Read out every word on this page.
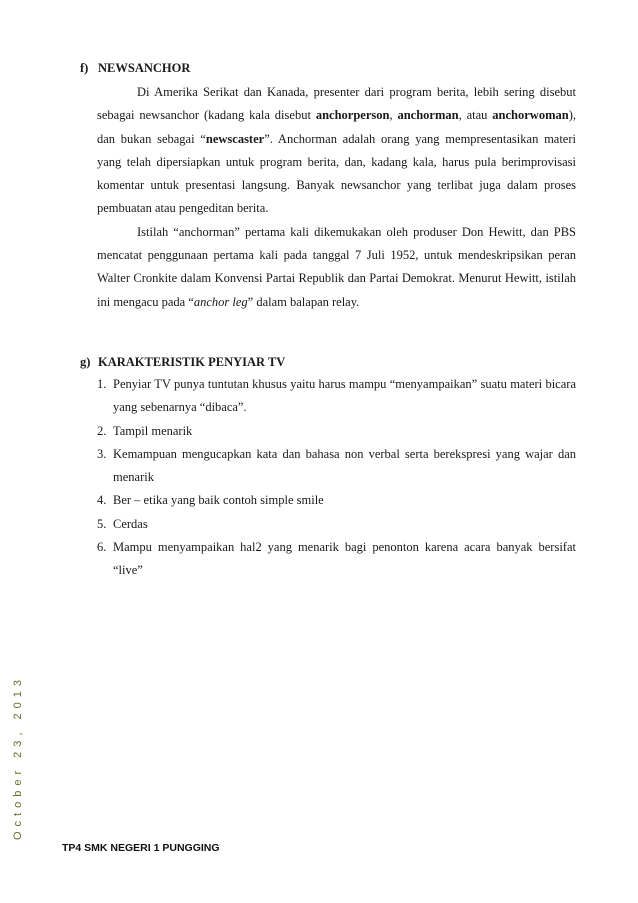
f) NEWSANCHOR

Di Amerika Serikat dan Kanada, presenter dari program berita, lebih sering disebut sebagai newsanchor (kadang kala disebut anchorperson, anchorman, atau anchorwoman), dan bukan sebagai “newscaster”. Anchorman adalah orang yang mempresentasikan materi yang telah dipersiapkan untuk program berita, dan, kadang kala, harus pula berimprovisasi komentar untuk presentasi langsung. Banyak newsanchor yang terlibat juga dalam proses pembuatan atau pengeditan berita.

Istilah “anchorman” pertama kali dikemukakan oleh produser Don Hewitt, dan PBS mencatat penggunaan pertama kali pada tanggal 7 Juli 1952, untuk mendeskripsikan peran Walter Cronkite dalam Konvensi Partai Republik dan Partai Demokrat. Menurut Hewitt, istilah ini mengacu pada “anchor leg” dalam balapan relay.

g) KARAKTERISTIK PENYIAR TV
1. Penyiar TV punya tuntutan khusus yaitu harus mampu “menyampaikan” suatu materi bicara yang sebenarnya “dibaca”.
2. Tampil menarik
3. Kemampuan mengucapkan kata dan bahasa non verbal serta berekspresi yang wajar dan menarik
4. Ber – etika yang baik contoh simple smile
5. Cerdas
6. Mampu menyampaikan hal2 yang menarik bagi penonton karena acara banyak bersifat “live”
October 23, 2013
TP4 SMK NEGERI 1 PUNGGING
